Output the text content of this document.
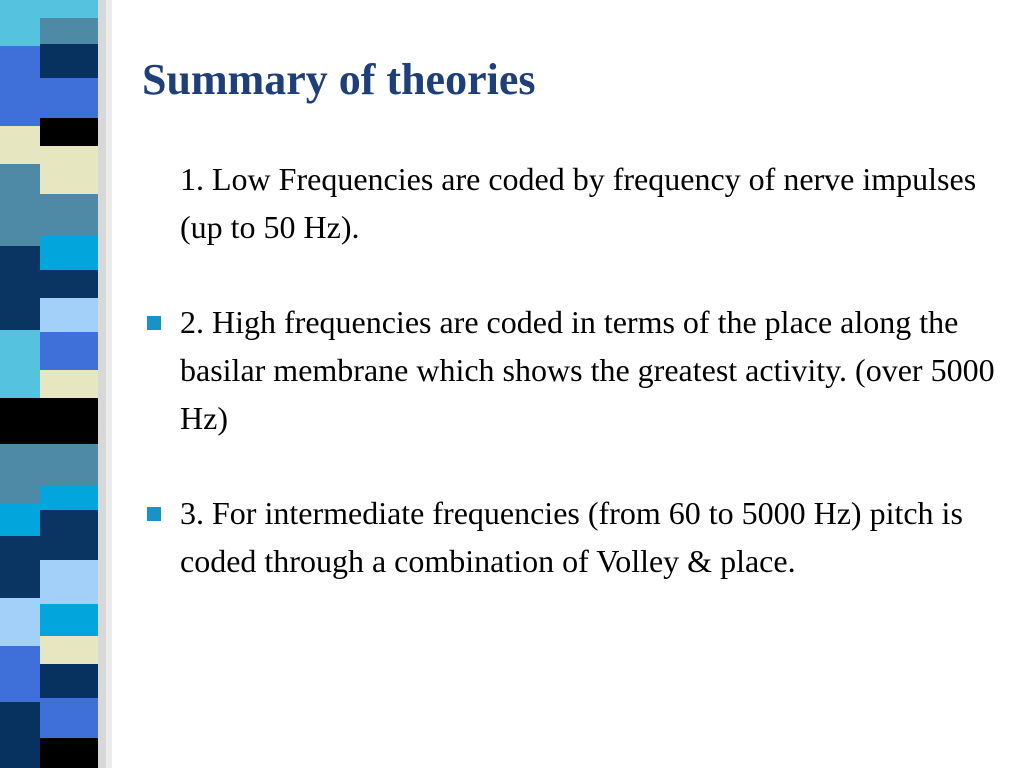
Summary of theories
1. Low Frequencies are coded by frequency of nerve impulses (up to 50 Hz).
2. High frequencies are coded in terms of the place along the basilar membrane which shows the greatest activity. (over 5000 Hz)
3. For intermediate frequencies (from 60 to 5000 Hz) pitch is coded through a combination of Volley & place.
